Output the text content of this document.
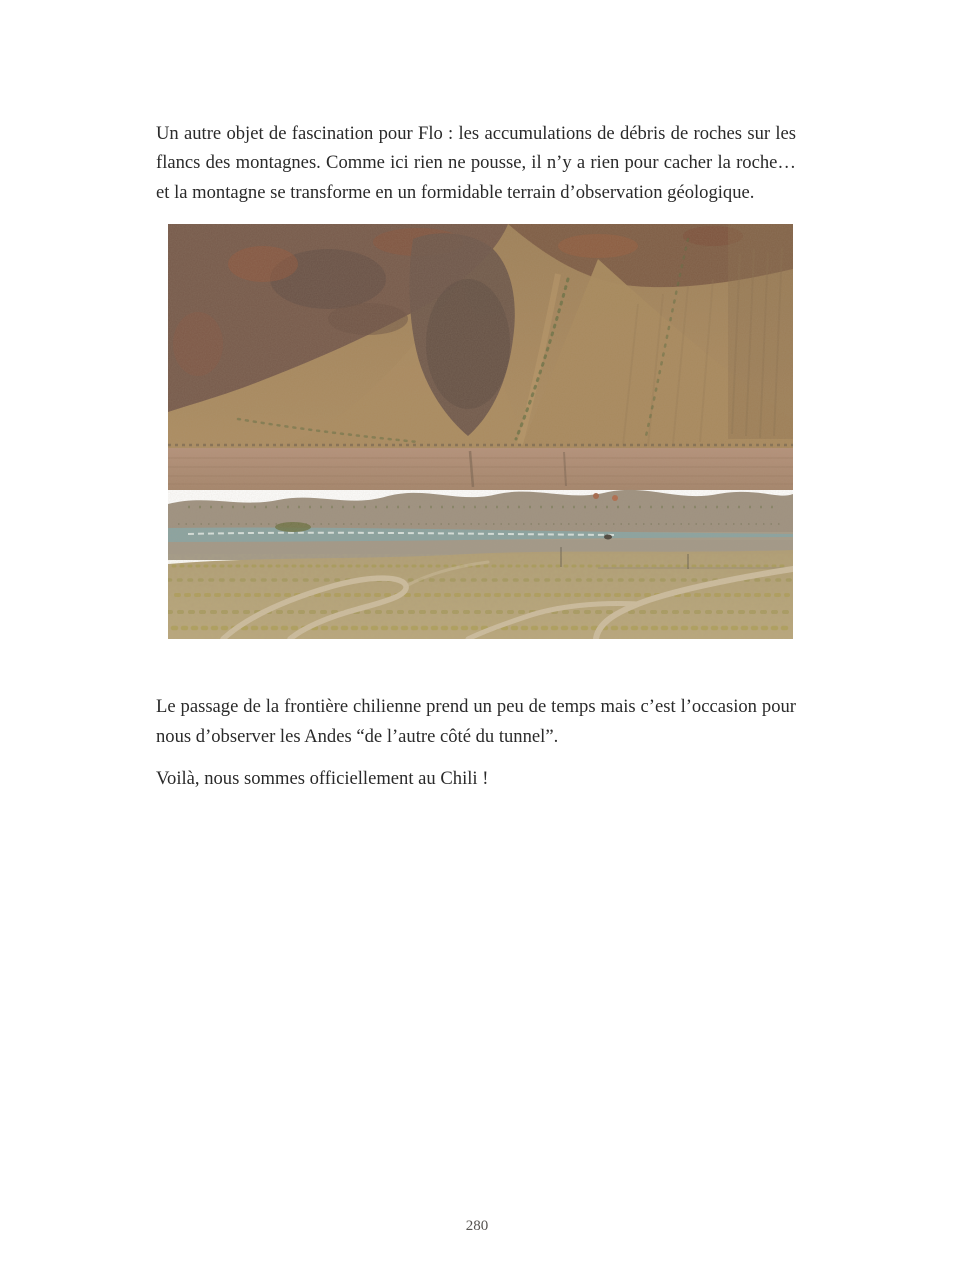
Un autre objet de fascination pour Flo : les accumulations de débris de roches sur les flancs des montagnes. Comme ici rien ne pousse, il n’y a rien pour cacher la roche… et la montagne se transforme en un formidable terrain d’observation géologique.

Le passage de la frontière chilienne prend un peu de temps mais c’est l’occasion pour nous d’observer les Andes “de l’autre côté du tunnel”.

Voilà, nous sommes officiellement au Chili !

280
